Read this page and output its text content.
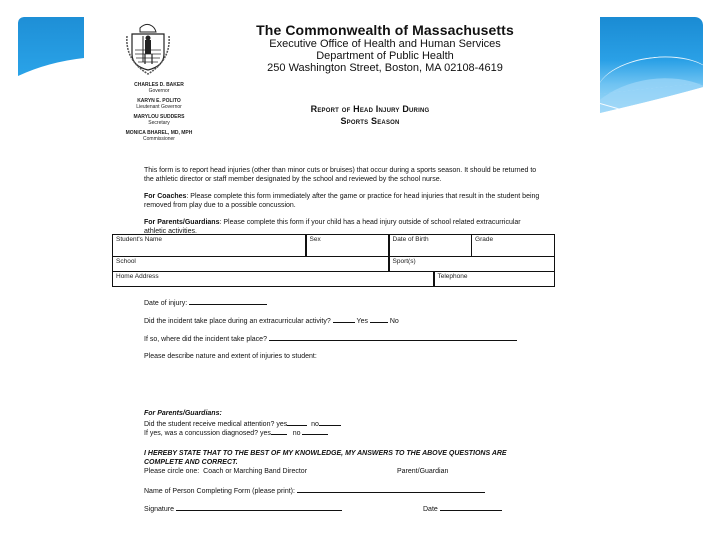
The Commonwealth of Massachusetts
Executive Office of Health and Human Services
Department of Public Health
250 Washington Street, Boston, MA 02108-4619
CHARLES D. BAKER
Governor
KARYN E. POLITO
Lieutenant Governor
MARYLOU SUDDERS
Secretary
MONICA BHAREL, MD, MPH
Commissioner
Report of Head Injury During
Sports Season
This form is to report head injuries (other than minor cuts or bruises) that occur during a sports season. It should be returned to the athletic director or staff member designated by the school and reviewed by the school nurse.
For Coaches: Please complete this form immediately after the game or practice for head injuries that result in the student being removed from play due to a possible concussion.
For Parents/Guardians: Please complete this form if your child has a head injury outside of school related extracurricular athletic activities.
Student's Name	Sex	Date of Birth		Grade
School		Sport(s)		
Home Address			Telephone	
Date of injury:
Did the incident take place during an extracurricular activity?	Yes	No
If so, where did the incident take place?
Please describe nature and extent of injuries to student:
For Parents/Guardians:
Did the student receive medical attention? yes	no
If yes, was a concussion diagnosed? yes	no
I HEREBY STATE THAT TO THE BEST OF MY KNOWLEDGE, MY ANSWERS TO THE ABOVE QUESTIONS ARE COMPLETE AND CORRECT.
Please circle one: Coach or Marching Band Director	Parent/Guardian
Name of Person Completing Form (please print):
Signature	Date
